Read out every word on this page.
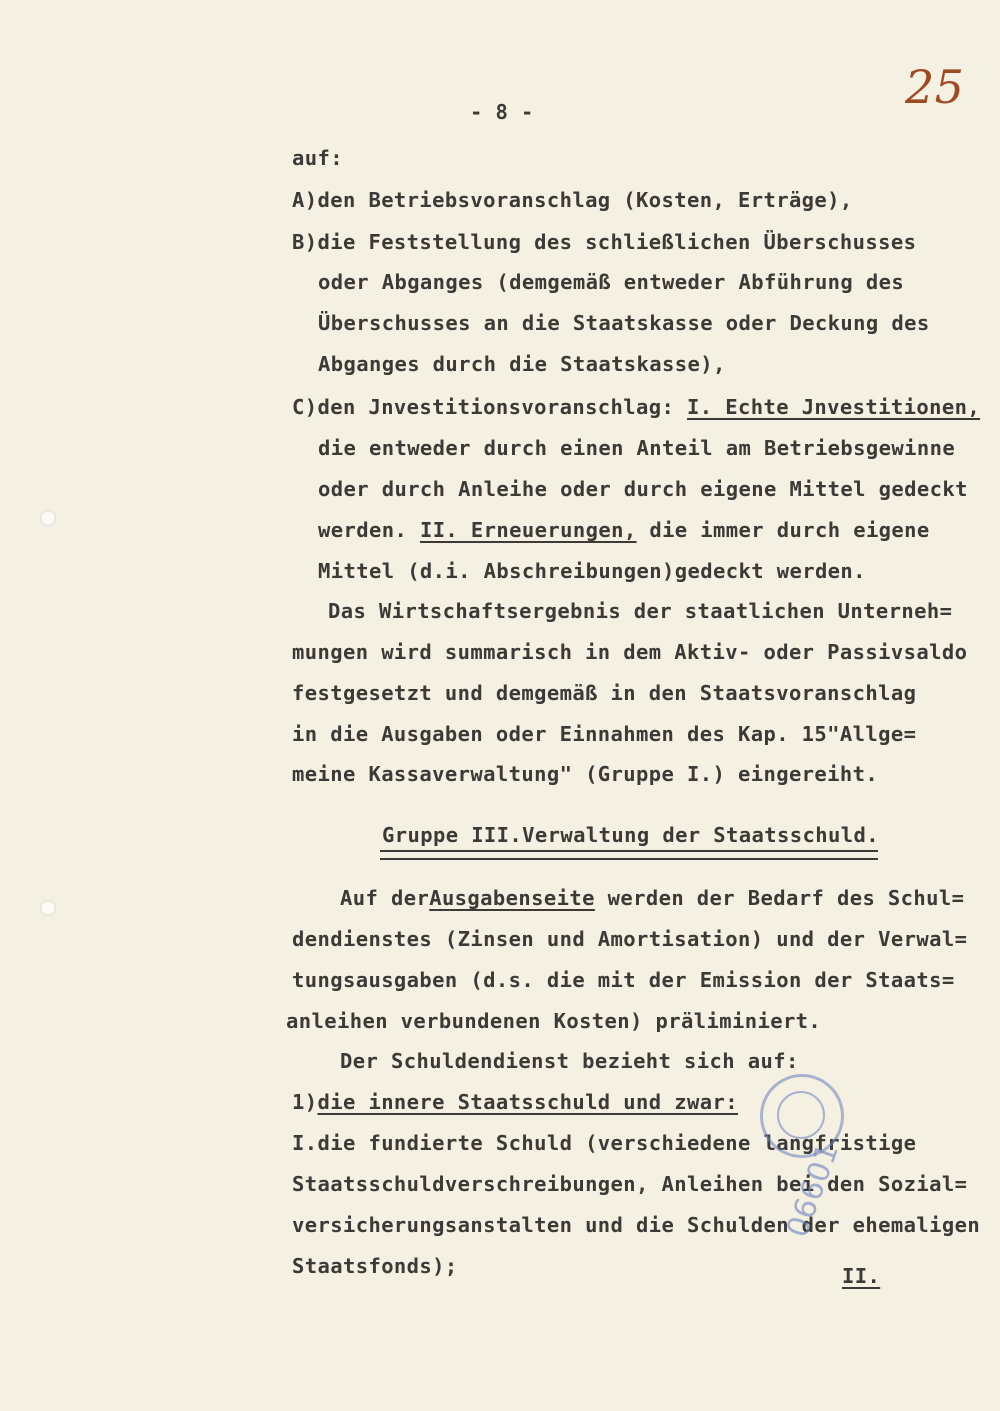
25
- 8 -
auf:
A)den Betriebsvoranschlag (Kosten, Erträge),
B)die Feststellung des schließlichen Überschusses
oder Abganges (demgemäß entweder Abführung des
Überschusses an die Staatskasse oder Deckung des
Abganges durch die Staatskasse),
C)den Jnvestitionsvoranschlag: I. Echte Jnvestitionen,
die entweder durch einen Anteil am Betriebsgewinne
oder durch Anleihe oder durch eigene Mittel gedeckt
werden. II. Erneuerungen, die immer durch eigene
Mittel (d.i. Abschreibungen)gedeckt werden.
Das Wirtschaftsergebnis der staatlichen Unterneh=
mungen wird summarisch in dem Aktiv- oder Passivsaldo
festgesetzt und demgemäß in den Staatsvoranschlag
in die Ausgaben oder Einnahmen des Kap. 15"Allge=
meine Kassaverwaltung" (Gruppe I.) eingereiht.
Gruppe III.Verwaltung der Staatsschuld.
Auf derAusgabenseite werden der Bedarf des Schul=
dendienstes (Zinsen und Amortisation) und der Verwal=
tungsausgaben (d.s. die mit der Emission der Staats=
anleihen verbundenen Kosten) präliminiert.
Der Schuldendienst bezieht sich auf:
1)die innere Staatsschuld und zwar:
I.die fundierte Schuld (verschiedene langfristige
Staatsschuldverschreibungen, Anleihen bei den Sozial=
versicherungsanstalten und die Schulden der ehemaligen
Staatsfonds);	II.
06601
